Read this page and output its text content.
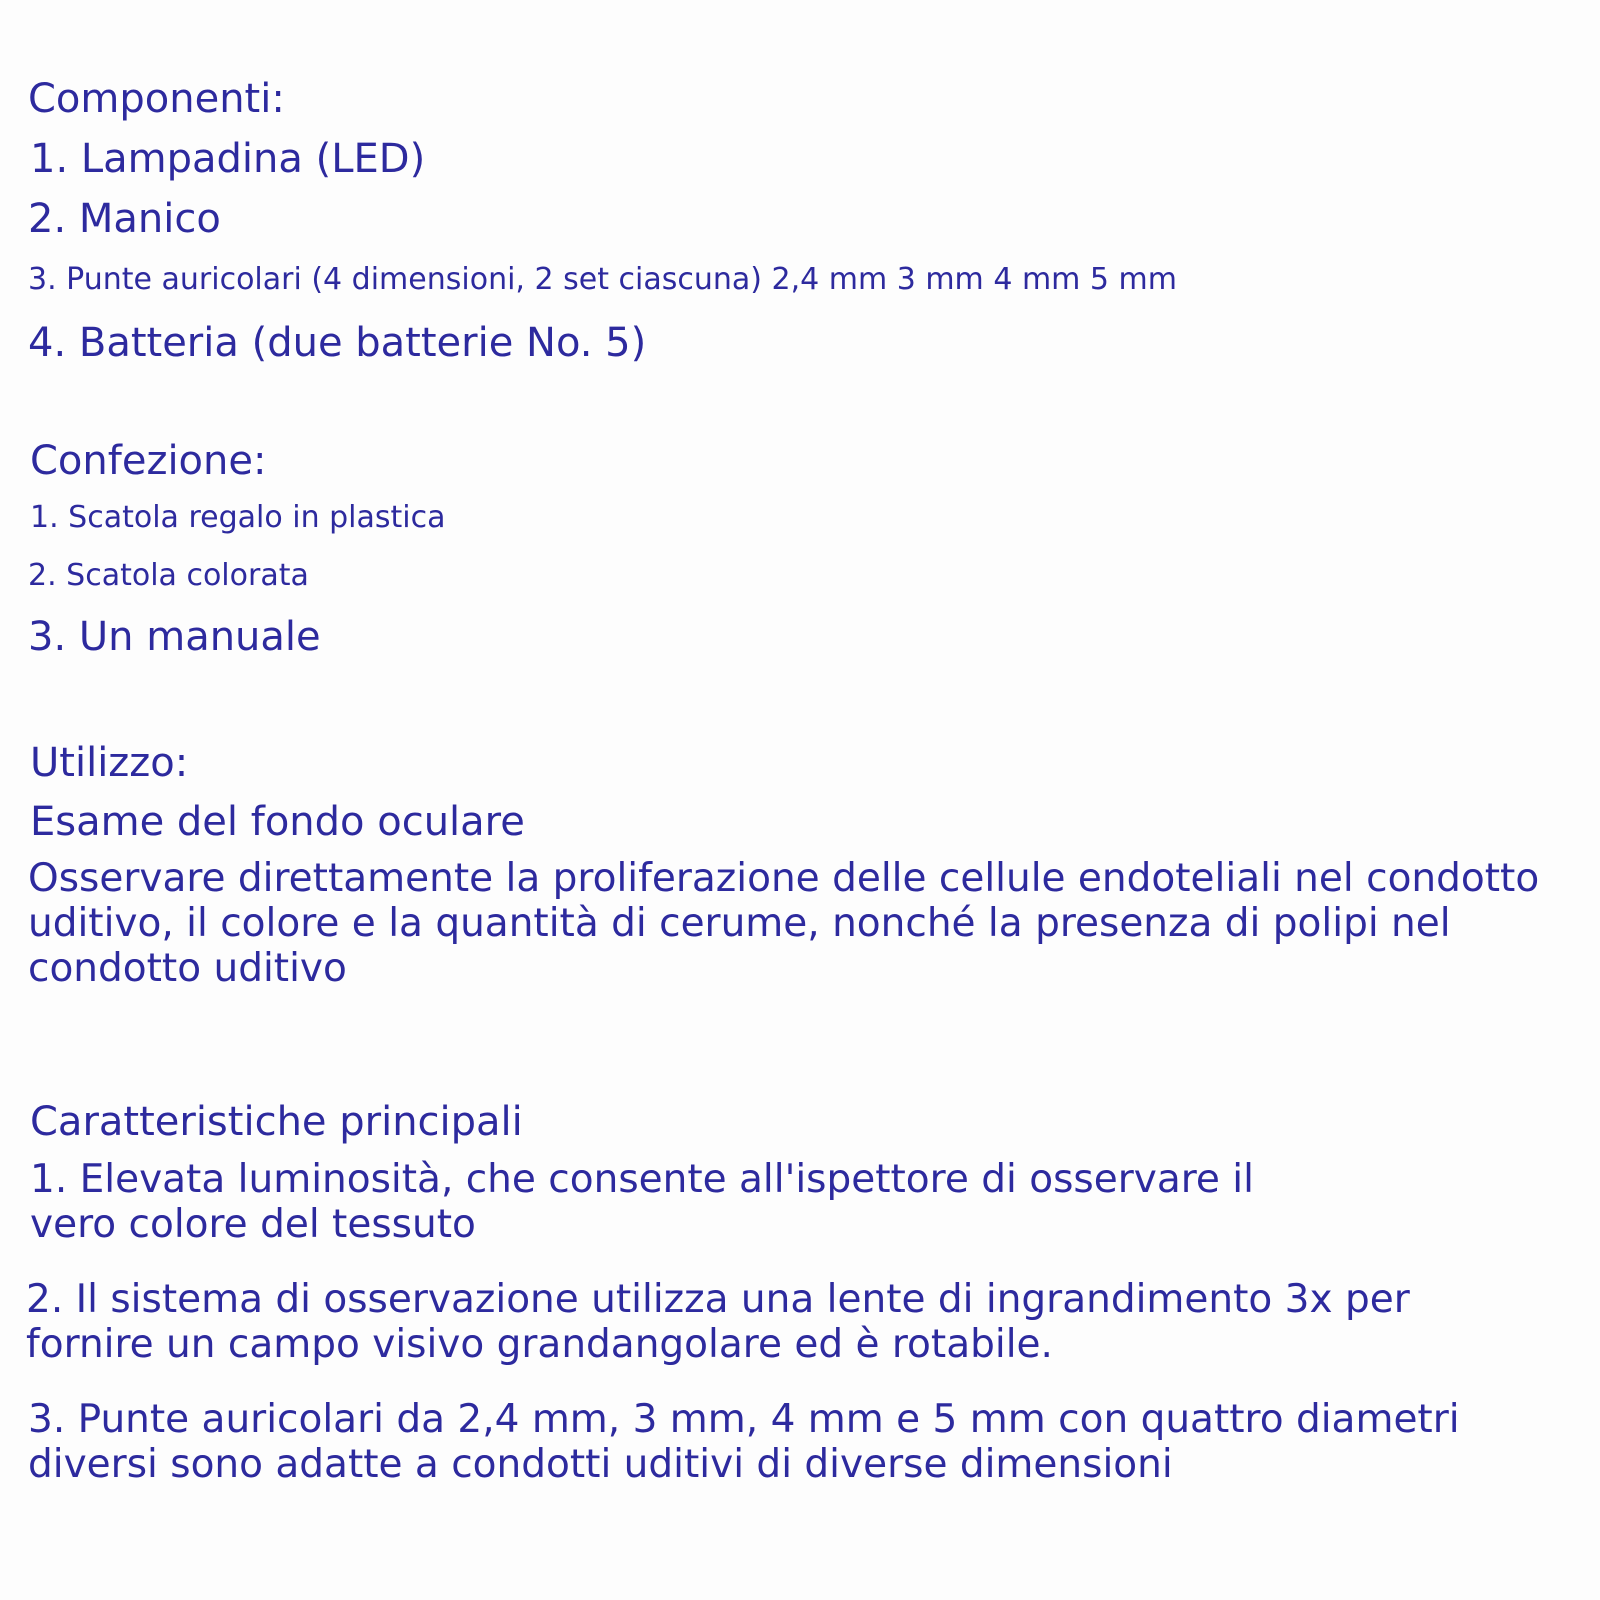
Componenti:

1. Lampadina (LED)

2. Manico

3. Punte auricolari (4 dimensioni, 2 set ciascuna) 2,4 mm 3 mm 4 mm 5 mm

4. Batteria (due batterie No. 5)

Confezione:

1. Scatola regalo in plastica

2. Scatola colorata

3. Un manuale

Utilizzo:

Esame del fondo oculare

Osservare direttamente la proliferazione delle cellule endoteliali nel condotto uditivo, il colore e la quantità di cerume, nonché la presenza di polipi nel condotto uditivo

Caratteristiche principali

1. Elevata luminosità, che consente all'ispettore di osservare il vero colore del tessuto

2. Il sistema di osservazione utilizza una lente di ingrandimento 3x per fornire un campo visivo grandangolare ed è rotabile.

3. Punte auricolari da 2,4 mm, 3 mm, 4 mm e 5 mm con quattro diametri diversi sono adatte a condotti uditivi di diverse dimensioni
